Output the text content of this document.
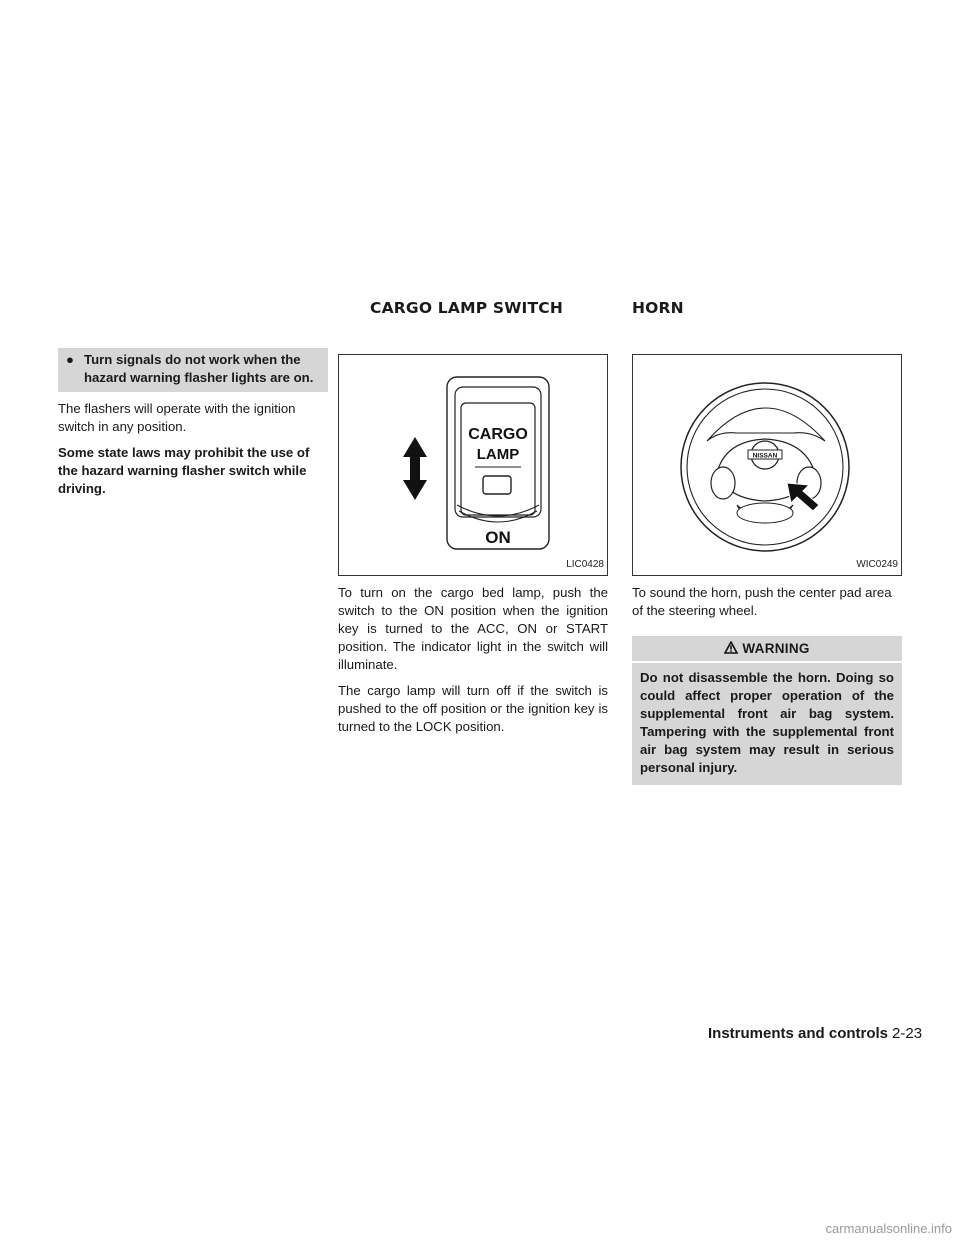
CARGO LAMP SWITCH	HORN
● Turn signals do not work when the hazard warning flasher lights are on.

The flashers will operate with the ignition switch in any position.

Some state laws may prohibit the use of the hazard warning flasher switch while driving.

CARGO
LAMP
ON
LIC0428

To turn on the cargo bed lamp, push the switch to the ON position when the ignition key is turned to the ACC, ON or START position. The indicator light in the switch will illuminate.

The cargo lamp will turn off if the switch is pushed to the off position or the ignition key is turned to the LOCK position.

NISSAN
WIC0249

To sound the horn, push the center pad area of the steering wheel.

WARNING
Do not disassemble the horn. Doing so could affect proper operation of the supplemental front air bag system. Tampering with the supplemental front air bag system may result in serious personal injury.
Instruments and controls 2-23
carmanualsonline.info
